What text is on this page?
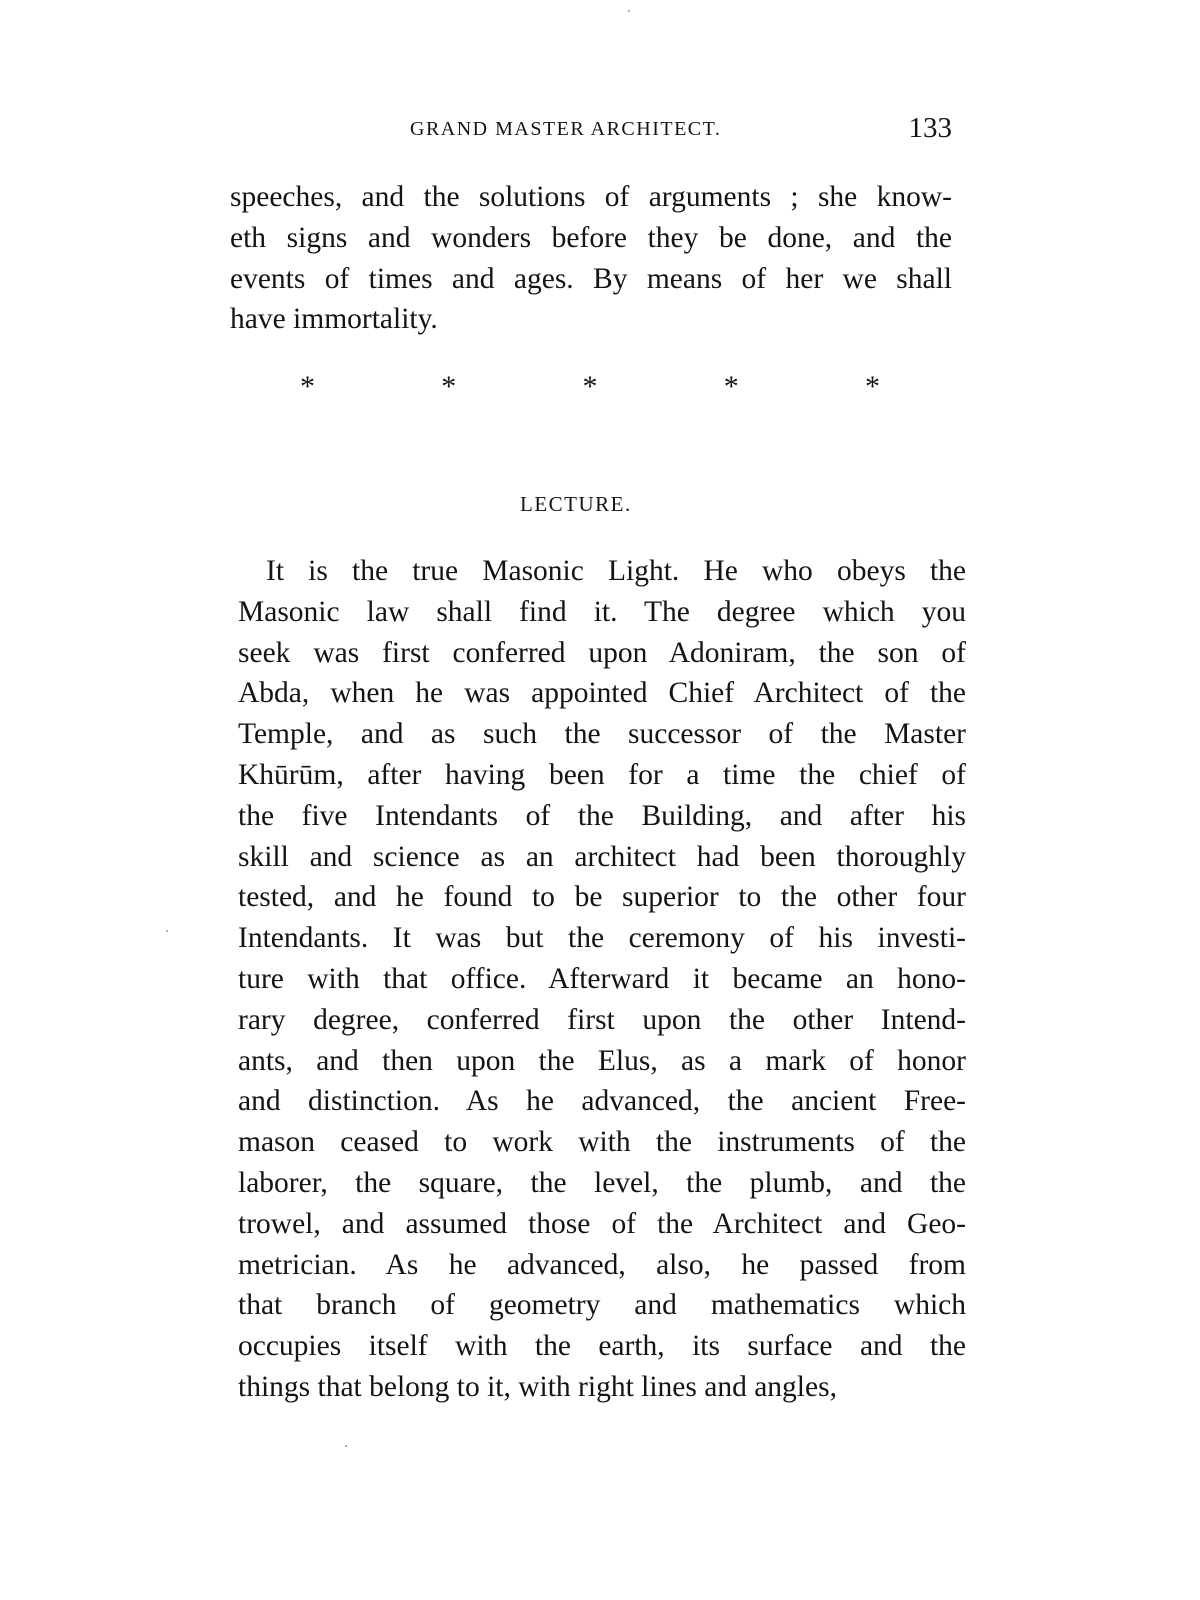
GRAND MASTER ARCHITECT.	133
speeches, and the solutions of arguments ; she know-
eth signs and wonders before they be done, and the
events of times and ages. By means of her we shall
have immortality.
*	*	*	*	*
LECTURE.
It is the true Masonic Light. He who obeys the
Masonic law shall find it. The degree which you
seek was first conferred upon Adoniram, the son of
Abda, when he was appointed Chief Architect of the
Temple, and as such the successor of the Master
Khūrūm, after having been for a time the chief of
the five Intendants of the Building, and after his
skill and science as an architect had been thoroughly
tested, and he found to be superior to the other four
Intendants. It was but the ceremony of his investi-
ture with that office. Afterward it became an hono-
rary degree, conferred first upon the other Intend-
ants, and then upon the Elus, as a mark of honor
and distinction. As he advanced, the ancient Free-
mason ceased to work with the instruments of the
laborer, the square, the level, the plumb, and the
trowel, and assumed those of the Architect and Geo-
metrician. As he advanced, also, he passed from
that branch of geometry and mathematics which
occupies itself with the earth, its surface and the
things that belong to it, with right lines and angles,
